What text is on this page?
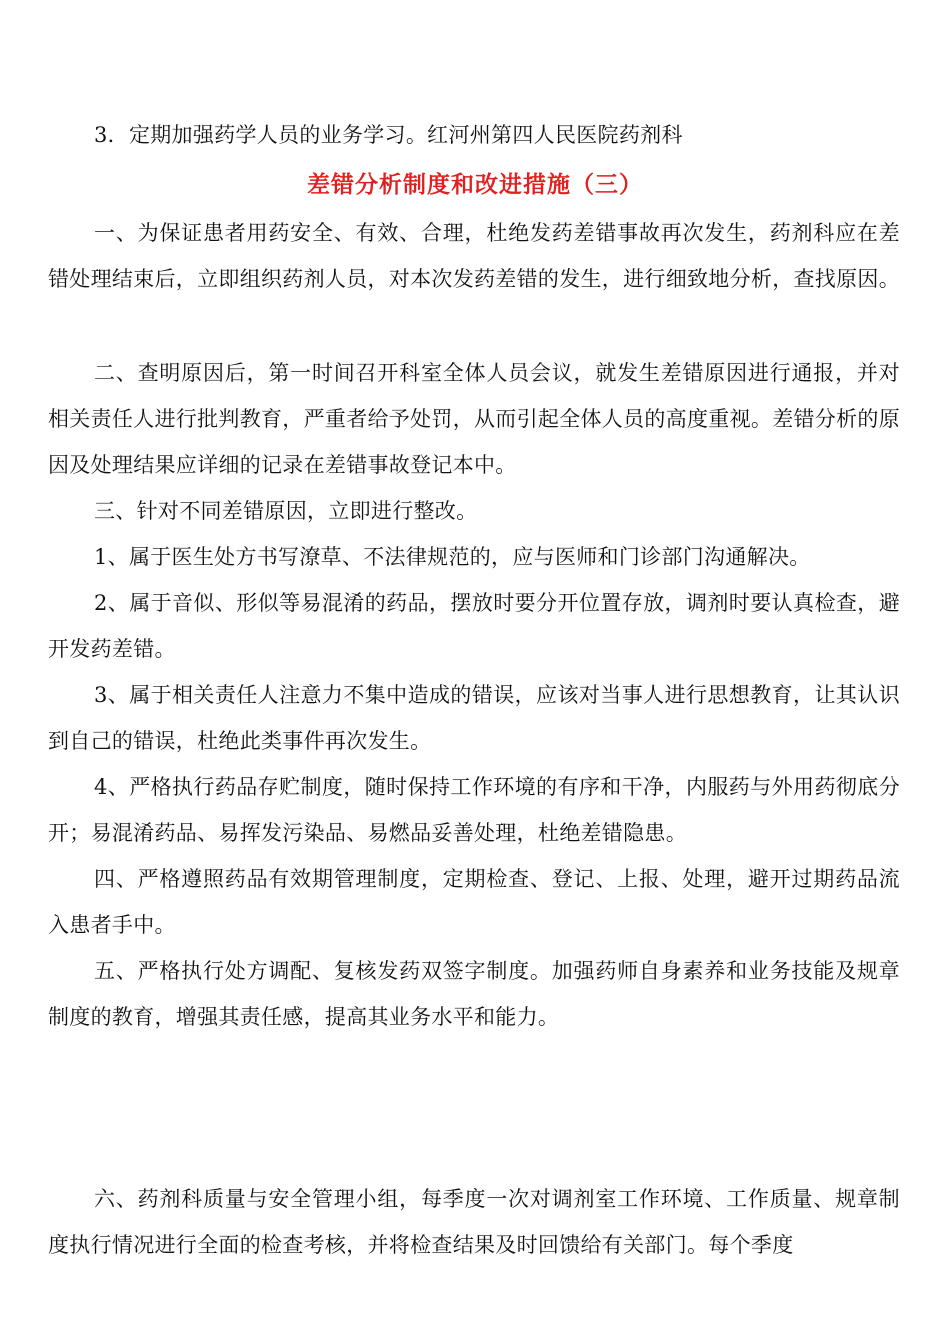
3．定期加强药学人员的业务学习。红河州第四人民医院药剂科

差错分析制度和改进措施（三）

一、为保证患者用药安全、有效、合理，杜绝发药差错事故再次发生，药剂科应在差错处理结束后，立即组织药剂人员，对本次发药差错的发生，进行细致地分析，查找原因。

二、查明原因后，第一时间召开科室全体人员会议，就发生差错原因进行通报，并对相关责任人进行批判教育，严重者给予处罚，从而引起全体人员的高度重视。差错分析的原因及处理结果应详细的记录在差错事故登记本中。

三、针对不同差错原因，立即进行整改。

1、属于医生处方书写潦草、不法律规范的，应与医师和门诊部门沟通解决。

2、属于音似、形似等易混淆的药品，摆放时要分开位置存放，调剂时要认真检查，避开发药差错。

3、属于相关责任人注意力不集中造成的错误，应该对当事人进行思想教育，让其认识到自己的错误，杜绝此类事件再次发生。

4、严格执行药品存贮制度，随时保持工作环境的有序和干净，内服药与外用药彻底分开；易混淆药品、易挥发污染品、易燃品妥善处理，杜绝差错隐患。

四、严格遵照药品有效期管理制度，定期检查、登记、上报、处理，避开过期药品流入患者手中。

五、严格执行处方调配、复核发药双签字制度。加强药师自身素养和业务技能及规章制度的教育，增强其责任感，提高其业务水平和能力。

六、药剂科质量与安全管理小组，每季度一次对调剂室工作环境、工作质量、规章制度执行情况进行全面的检查考核，并将检查结果及时回馈给有关部门。每个季度
